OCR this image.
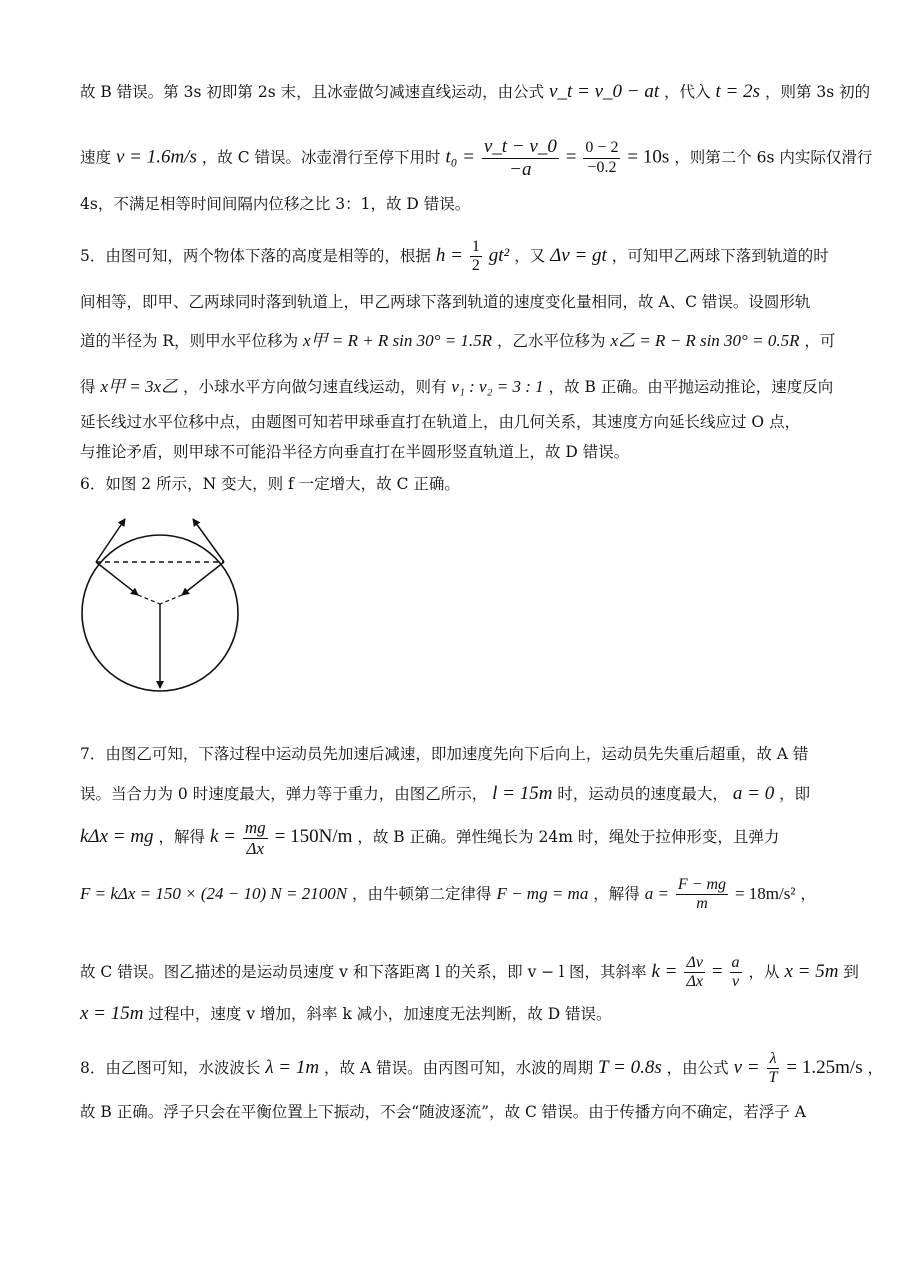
故 B 错误。第 3s 初即第 2s 末，且冰壶做匀减速直线运动，由公式 v_t = v_0 − at ，代入 t = 2s ，则第 3s 初的
速度 v = 1.6m/s ，故 C 错误。冰壶滑行至停下用时 $t_0 = \frac{v\_t - v\_0}{-a} = \frac{0 - 2}{-0.2} = 10s$ ，则第二个 6s 内实际仅滑行
4s，不满足相等时间间隔内位移之比 3：1，故 D 错误。
5．由图可知，两个物体下落的高度是相等的，根据 $h = \frac{1}{2} gt^2$ ，又 Δv = gt ，可知甲乙两球下落到轨道的时
间相等，即甲、乙两球同时落到轨道上，甲乙两球下落到轨道的速度变化量相同，故 A、C 错误。设圆形轨
道的半径为 R，则甲水平位移为 x甲 = R + R sin 30° = 1.5R ，乙水平位移为 x乙 = R − R sin 30° = 0.5R ，可
得 x甲 = 3x乙 ，小球水平方向做匀速直线运动，则有 v₁ : v₂ = 3 : 1 ，故 B 正确。由平抛运动推论，速度反向
延长线过水平位移中点，由题图可知若甲球垂直打在轨道上，由几何关系，其速度方向延长线应过 O 点，
与推论矛盾，则甲球不可能沿半径方向垂直打在半圆形竖直轨道上，故 D 错误。
6．如图 2 所示，N 变大，则 f 一定增大，故 C 正确。
7．由图乙可知，下落过程中运动员先加速后减速，即加速度先向下后向上，运动员先失重后超重，故 A 错
误。当合力为 0 时速度最大，弹力等于重力，由图乙所示， l = 15m 时，运动员的速度最大， a = 0 ，即
kΔx = mg ，解得 $k = \frac{mg}{\Delta x} = 150N/m$ ，故 B 正确。弹性绳长为 24m 时，绳处于拉伸形变，且弹力
F = kΔx = 150 × (24 − 10) N = 2100N ，由牛顿第二定律得 F − mg = ma ，解得 $a = \frac{F - mg}{m} = 18m/s^2$ ，
故 C 错误。图乙描述的是运动员速度 v 和下落距离 l 的关系，即 v − l 图，其斜率 $k = \frac{\Delta v}{\Delta x} = \frac{a}{v}$ ，从 x = 5m 到
x = 15m 过程中，速度 v 增加，斜率 k 减小，加速度无法判断，故 D 错误。
8．由乙图可知，水波波长 λ = 1m ，故 A 错误。由丙图可知，水波的周期 T = 0.8s ，由公式 $v = \frac{\lambda}{T} = 1.25m/s$ ，
故 B 正确。浮子只会在平衡位置上下振动，不会“随波逐流”，故 C 错误。由于传播方向不确定，若浮子 A
